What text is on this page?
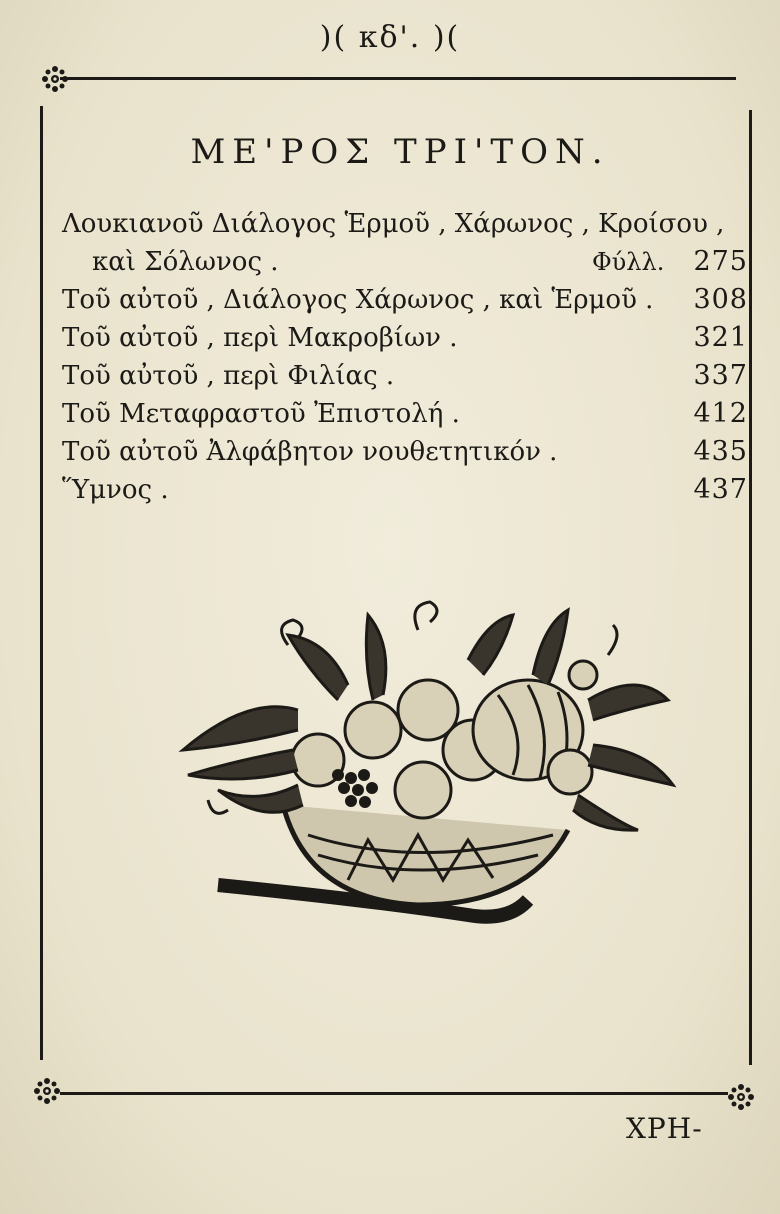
)( κδ'. )(
ΜΕ'ΡΟΣ ΤΡΙ'ΤΟΝ.
Λουκιανοῦ Διάλογος Ἑρμοῦ , Χάρωνος , Κροίσου ,
καὶ Σόλωνος .	Φύλλ. 275
Τοῦ αὐτοῦ , Διάλογος Χάρωνος , καὶ Ἑρμοῦ . 308
Τοῦ αὐτοῦ , περὶ Μακροβίων .	321
Τοῦ αὐτοῦ , περὶ Φιλίας .	337
Τοῦ Μεταφραστοῦ Ἐπιστολή .	412
Τοῦ αὐτοῦ Ἀλφάβητον νουθετητικόν .	435
Ὕμνος .	437
ΧΡΗ-
